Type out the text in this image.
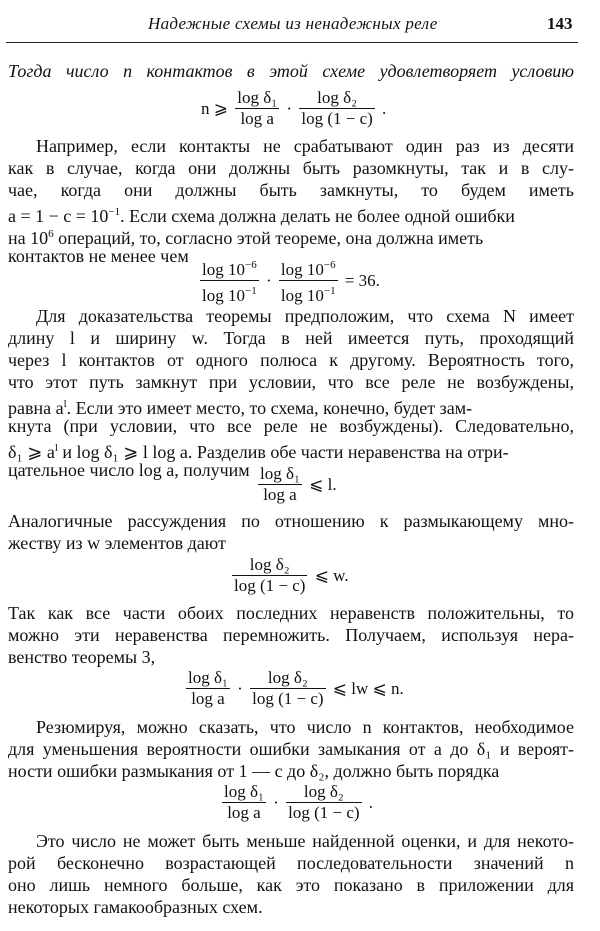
Надежные схемы из ненадежных реле	143
Тогда число n контактов в этой схеме удовлетворяет условию
n ⩾ $\frac{\text{log δ₁}}{\text{log a}} \cdot \frac{\text{log δ₂}}{\log (1 - c)}$ .
Например, если контакты не срабатывают один раз из десяти
как в случае, когда они должны быть разомкнуты, так и в слу-
чае, когда они должны быть замкнуты, то будем иметь
$a = 1 - c = 10^{-1}$. Если схема должна делать не более одной ошибки
на $10^6$ операций, то, согласно этой теореме, она должна иметь
контактов не менее чем $\frac{\log 10^{-6}}{\log 10^{-1}} \cdot \frac{\log 10^{-6}}{\log 10^{-1}} = 36$.
Для доказательства теоремы предположим, что схема N имеет
длину l и ширину w. Тогда в ней имеется путь, проходящий
через l контактов от одного полюса к другому. Вероятность того,
что этот путь замкнут при условии, что все реле не возбуждены,
равна $a^l$. Если это имеет место, то схема, конечно, будет зам-
кнута (при условии, что все реле не возбуждены). Следовательно,
δ₁ ⩾ $a^l$ и log δ₁ ⩾ l log a. Разделив обе части неравенства на отри-
цательное число log a, получим $\frac{\text{log δ₁}}{\text{log a}}$ ⩽ l.
Аналогичные рассуждения по отношению к размыкающему мно-
жеству из w элементов дают
$\frac{\text{log δ₂}}{\log (1 - c)}$ ⩽ w.
Так как все части обоих последних неравенств положительны, то
можно эти неравенства перемножить. Получаем, используя нера-
венство теоремы 3,
$\frac{\text{log δ₁}}{\text{log a}} \cdot \frac{\text{log δ₂}}{\log (1 - c)}$ ⩽ lw ⩽ n.
Резюмируя, можно сказать, что число n контактов, необходимое
для уменьшения вероятности ошибки замыкания от a до δ₁ и вероят-
ности ошибки размыкания от 1 — c до δ₂, должно быть порядка
$\frac{\text{log δ₁}}{\text{log a}} \cdot \frac{\text{log δ₂}}{\log (1 - c)}$ .
Это число не может быть меньше найденной оценки, и для некото-
рой бесконечно возрастающей последовательности значений n
оно лишь немного больше, как это показано в приложении для
некоторых гамакообразных схем.
